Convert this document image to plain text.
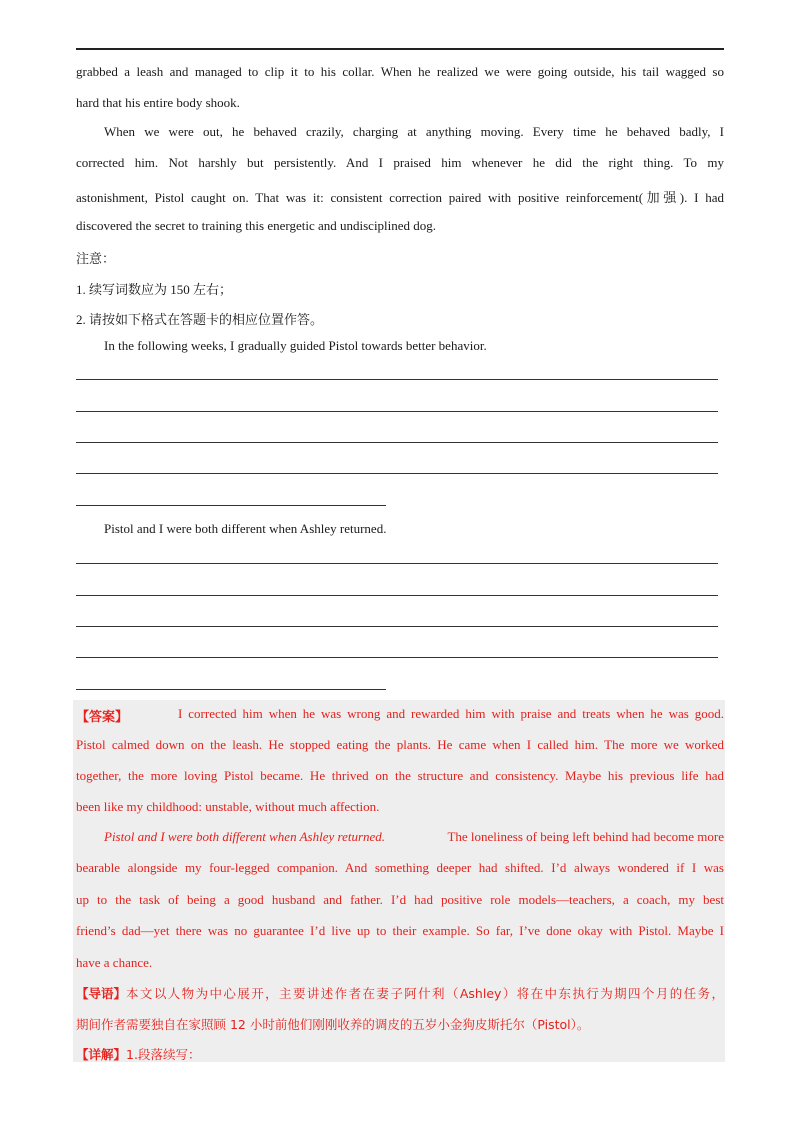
grabbed a leash and managed to clip it to his collar. When he realized we were going outside, his tail wagged so
hard that his entire body shook.
When we were out, he behaved crazily, charging at anything moving. Every time he behaved badly, I
corrected him. Not harshly but persistently. And I praised him whenever he did the right thing. To my
astonishment, Pistol caught on. That was it: consistent correction paired with positive reinforcement(加强). I had
discovered the secret to training this energetic and undisciplined dog.
注意：
1. 续写词数应为 150 左右；
2. 请按如下格式在答题卡的相应位置作答。
In the following weeks, I gradually guided Pistol towards better behavior.
Pistol and I were both different when Ashley returned.
【答案】	I corrected him when he was wrong and rewarded him with praise and treats when he was good.
Pistol calmed down on the leash. He stopped eating the plants. He came when I called him. The more we worked
together, the more loving Pistol became. He thrived on the structure and consistency. Maybe his previous life had
been like my childhood: unstable, without much affection.
Pistol and I were both different when Ashley returned.	The loneliness of being left behind had become more
bearable alongside my four-legged companion. And something deeper had shifted. I’d always wondered if I was
up to the task of being a good husband and father. I’d had positive role models—teachers, a coach, my best
friend’s dad—yet there was no guarantee I’d live up to their example. So far, I’ve done okay with Pistol. Maybe I
have a chance.
【导语】 本文以人物为中心展开，主要讲述作者在妻子阿什利（Ashley）将在中东执行为期四个月的任务，
期间作者需要独自在家照顾 12 小时前他们刚刚收养的调皮的五岁小金狗皮斯托尔（Pistol）。
【详解】 1.段落续写：
